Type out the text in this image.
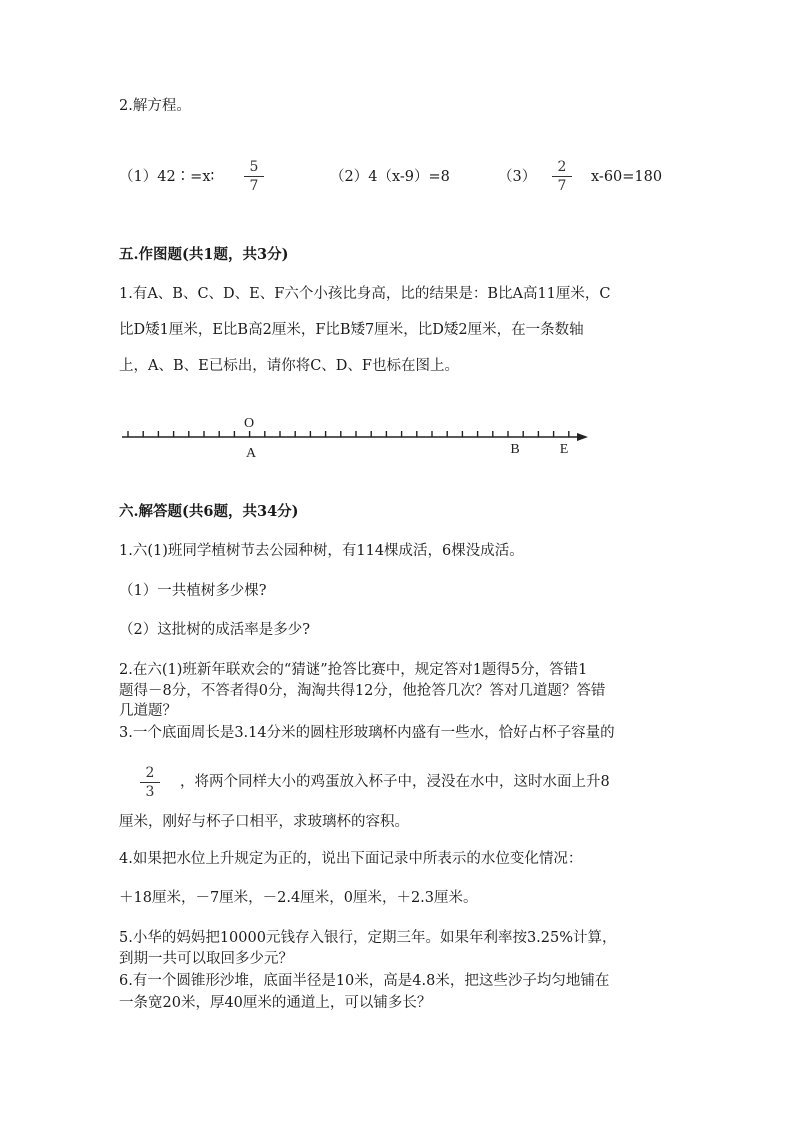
2.解方程。
（1）42∶=x∶
5
7
（2）4（x-9）=8	（3）
2
7
x-60=180
五.作图题(共1题，共3分)
1.有A、B、C、D、E、F六个小孩比身高，比的结果是：B比A高11厘米，C
比D矮1厘米，E比B高2厘米，F比B矮7厘米，比D矮2厘米，在一条数轴
上，A、B、E已标出，请你将C、D、F也标在图上。
O
A	B	E
六.解答题(共6题，共34分)
1.六(1)班同学植树节去公园种树，有114棵成活，6棵没成活。
（1）一共植树多少棵?
（2）这批树的成活率是多少?
2.在六(1)班新年联欢会的“猜谜”抢答比赛中，规定答对1题得5分，答错1
题得－8分，不答者得0分，淘淘共得12分，他抢答几次？答对几道题？答错
几道题？
3.一个底面周长是3.14分米的圆柱形玻璃杯内盛有一些水，恰好占杯子容量的
2
3
，将两个同样大小的鸡蛋放入杯子中，浸没在水中，这时水面上升8
厘米，刚好与杯子口相平，求玻璃杯的容积。
4.如果把水位上升规定为正的，说出下面记录中所表示的水位变化情况：
＋18厘米，－7厘米，－2.4厘米，0厘米，＋2.3厘米。
5.小华的妈妈把10000元钱存入银行，定期三年。如果年利率按3.25%计算，
到期一共可以取回多少元？
6.有一个圆锥形沙堆，底面半径是10米，高是4.8米，把这些沙子均匀地铺在
一条宽20米，厚40厘米的通道上，可以铺多长？
